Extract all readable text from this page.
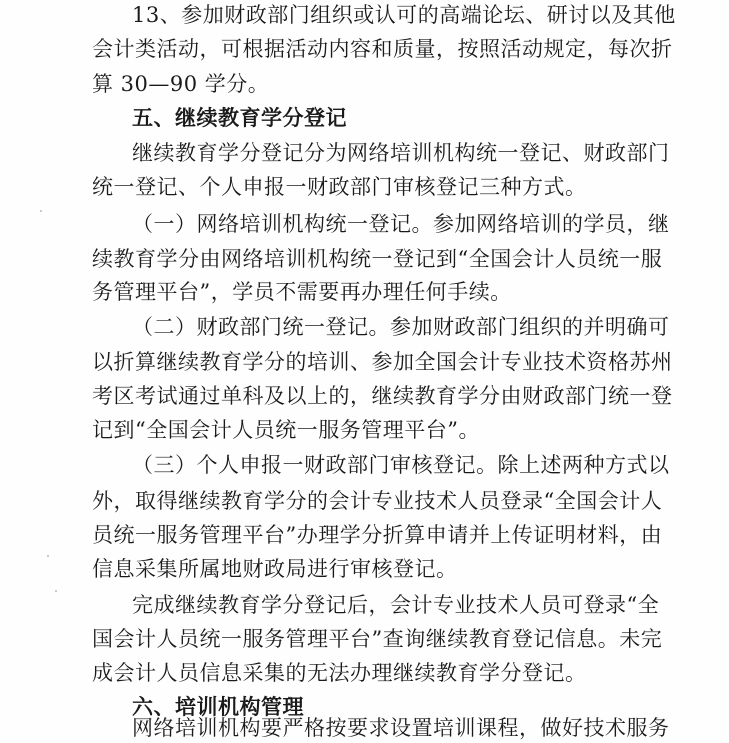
13、参加财政部门组织或认可的高端论坛、研讨以及其他
会计类活动，可根据活动内容和质量，按照活动规定，每次折
算 30—90 学分。
五、继续教育学分登记
继续教育学分登记分为网络培训机构统一登记、财政部门
统一登记、个人申报一财政部门审核登记三种方式。
（一）网络培训机构统一登记。参加网络培训的学员，继
续教育学分由网络培训机构统一登记到“全国会计人员统一服
务管理平台”，学员不需要再办理任何手续。
（二）财政部门统一登记。参加财政部门组织的并明确可
以折算继续教育学分的培训、参加全国会计专业技术资格苏州
考区考试通过单科及以上的，继续教育学分由财政部门统一登
记到“全国会计人员统一服务管理平台”。
（三）个人申报一财政部门审核登记。除上述两种方式以
外，取得继续教育学分的会计专业技术人员登录“全国会计人
员统一服务管理平台”办理学分折算申请并上传证明材料，由
信息采集所属地财政局进行审核登记。
完成继续教育学分登记后，会计专业技术人员可登录“全
国会计人员统一服务管理平台”查询继续教育登记信息。未完
成会计人员信息采集的无法办理继续教育学分登记。
六、培训机构管理
网络培训机构要严格按要求设置培训课程，做好技术服务
